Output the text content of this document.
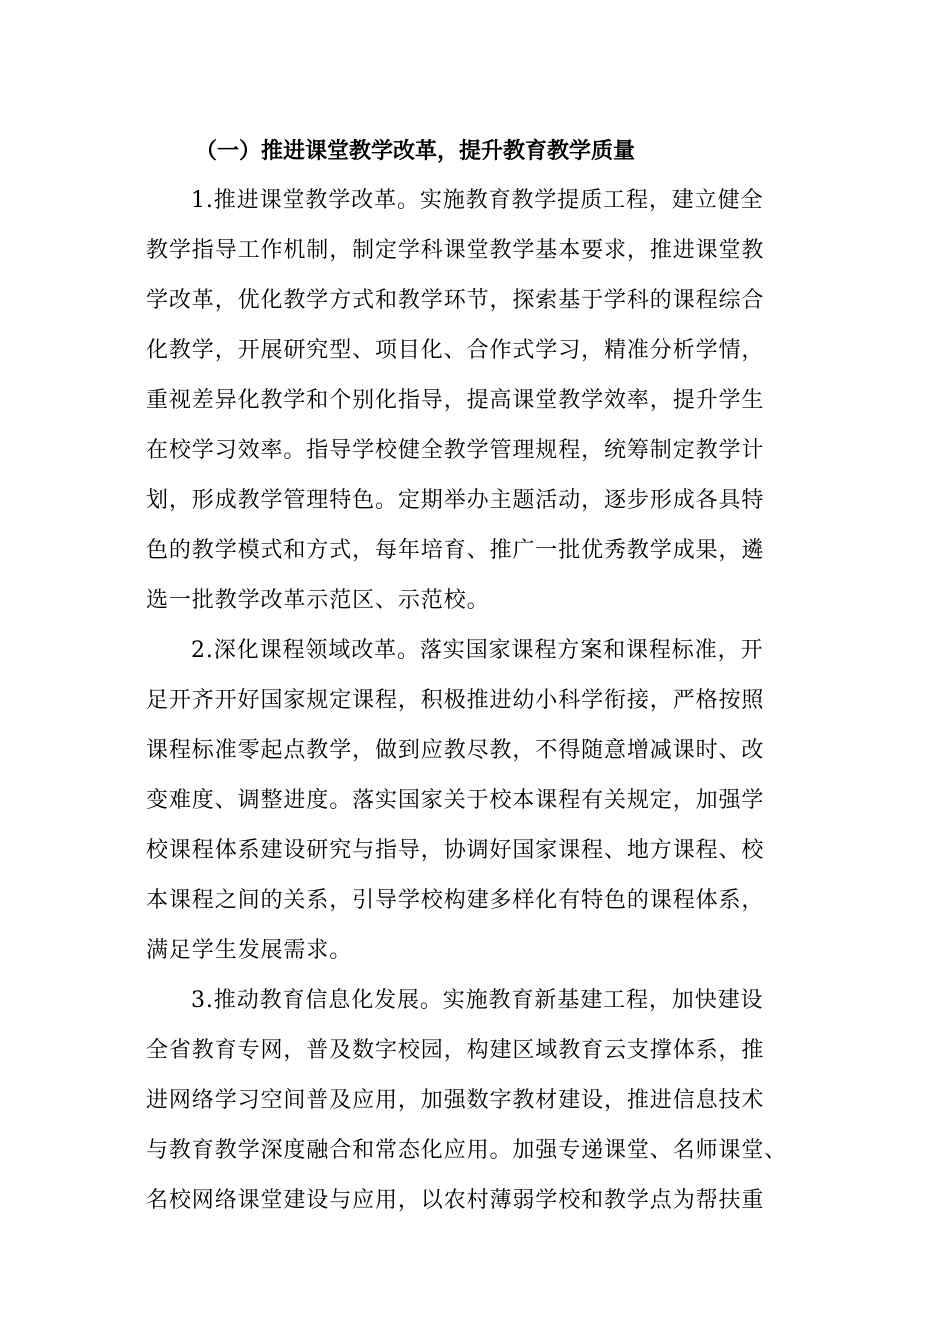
（一）推进课堂教学改革，提升教育教学质量
1.推进课堂教学改革。实施教育教学提质工程，建立健全
教学指导工作机制，制定学科课堂教学基本要求，推进课堂教
学改革，优化教学方式和教学环节，探索基于学科的课程综合
化教学，开展研究型、项目化、合作式学习，精准分析学情，
重视差异化教学和个别化指导，提高课堂教学效率，提升学生
在校学习效率。指导学校健全教学管理规程，统筹制定教学计
划，形成教学管理特色。定期举办主题活动，逐步形成各具特
色的教学模式和方式，每年培育、推广一批优秀教学成果，遴
选一批教学改革示范区、示范校。
2.深化课程领域改革。落实国家课程方案和课程标准，开
足开齐开好国家规定课程，积极推进幼小科学衔接，严格按照
课程标准零起点教学，做到应教尽教，不得随意增减课时、改
变难度、调整进度。落实国家关于校本课程有关规定，加强学
校课程体系建设研究与指导，协调好国家课程、地方课程、校
本课程之间的关系，引导学校构建多样化有特色的课程体系，
满足学生发展需求。
3.推动教育信息化发展。实施教育新基建工程，加快建设
全省教育专网，普及数字校园，构建区域教育云支撑体系，推
进网络学习空间普及应用，加强数字教材建设，推进信息技术
与教育教学深度融合和常态化应用。加强专递课堂、名师课堂、
名校网络课堂建设与应用，以农村薄弱学校和教学点为帮扶重
